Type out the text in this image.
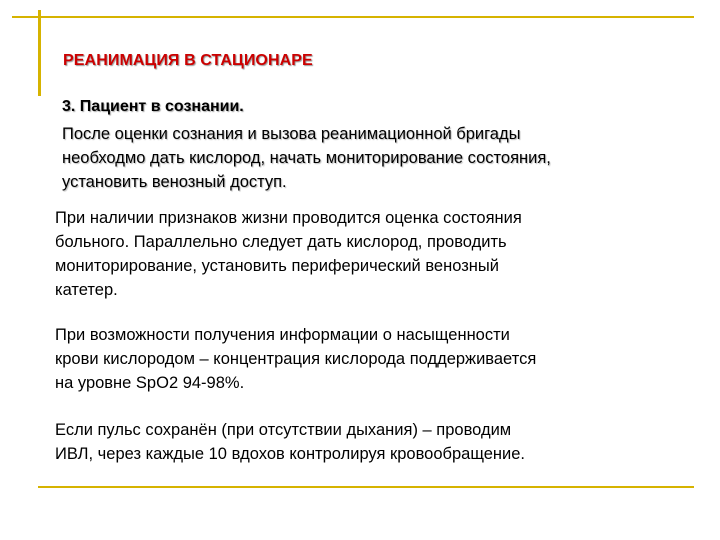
РЕАНИМАЦИЯ В СТАЦИОНАРЕ
3. Пациент в сознании.
После оценки сознания и вызова реанимационной бригады
необходмо дать кислород, начать мониторирование состояния,
установить венозный доступ.
При наличии признаков жизни проводится оценка состояния
больного. Параллельно следует дать кислород, проводить
мониторирование, установить периферический венозный
катетер.
При возможности получения информации о насыщенности
крови кислородом – концентрация кислорода поддерживается
на уровне SpO2 94-98%.
Если пульс сохранён (при отсутствии дыхания) – проводим
ИВЛ, через каждые 10 вдохов контролируя кровообращение.
